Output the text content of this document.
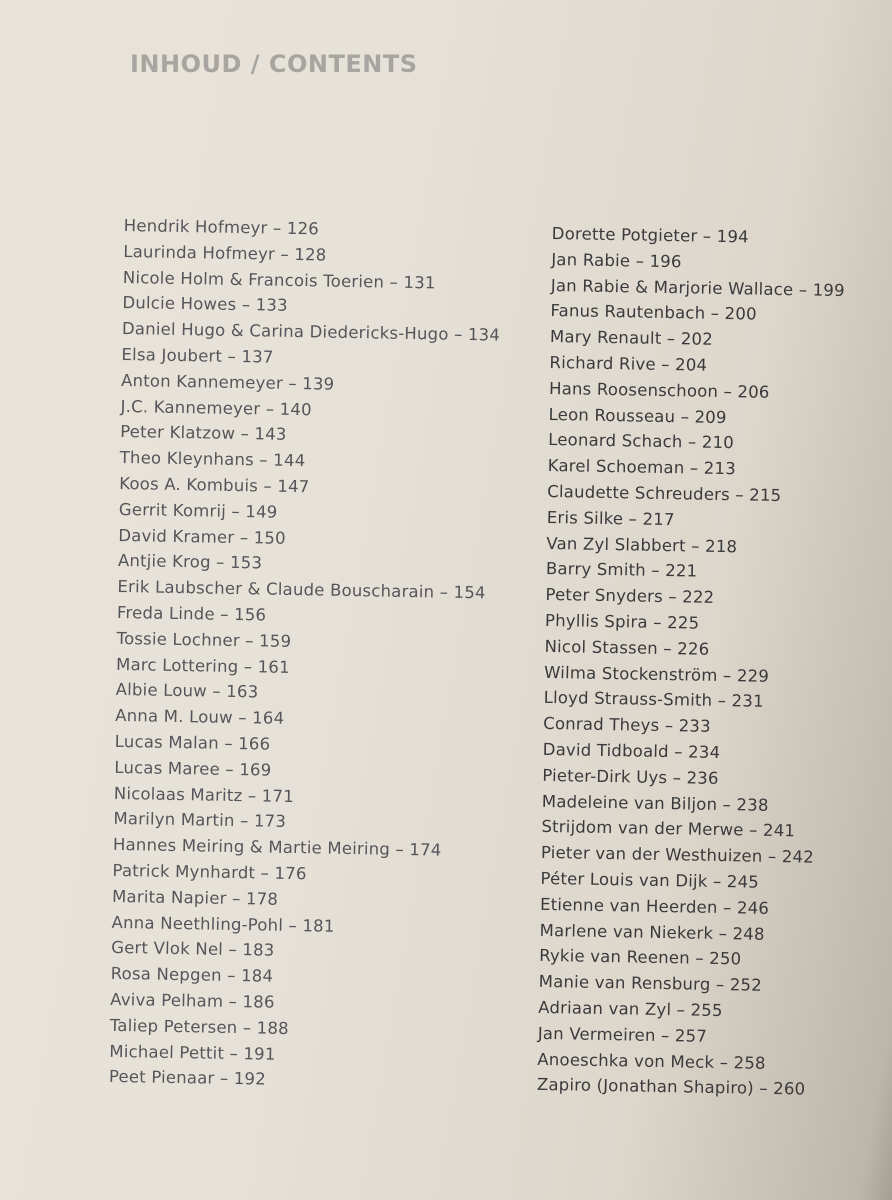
INHOUD / CONTENTS
Hendrik Hofmeyr – 126
Laurinda Hofmeyr – 128
Nicole Holm & Francois Toerien – 131
Dulcie Howes – 133
Daniel Hugo & Carina Diedericks-Hugo – 134
Elsa Joubert – 137
Anton Kannemeyer – 139
J.C. Kannemeyer – 140
Peter Klatzow – 143
Theo Kleynhans – 144
Koos A. Kombuis – 147
Gerrit Komrij – 149
David Kramer – 150
Antjie Krog – 153
Erik Laubscher & Claude Bouscharain – 154
Freda Linde – 156
Tossie Lochner – 159
Marc Lottering – 161
Albie Louw – 163
Anna M. Louw – 164
Lucas Malan – 166
Lucas Maree – 169
Nicolaas Maritz – 171
Marilyn Martin – 173
Hannes Meiring & Martie Meiring – 174
Patrick Mynhardt – 176
Marita Napier – 178
Anna Neethling-Pohl – 181
Gert Vlok Nel – 183
Rosa Nepgen – 184
Aviva Pelham – 186
Taliep Petersen – 188
Michael Pettit – 191
Peet Pienaar – 192
Dorette Potgieter – 194
Jan Rabie – 196
Jan Rabie & Marjorie Wallace – 199
Fanus Rautenbach – 200
Mary Renault – 202
Richard Rive – 204
Hans Roosenschoon – 206
Leon Rousseau – 209
Leonard Schach – 210
Karel Schoeman – 213
Claudette Schreuders – 215
Eris Silke – 217
Van Zyl Slabbert – 218
Barry Smith – 221
Peter Snyders – 222
Phyllis Spira – 225
Nicol Stassen – 226
Wilma Stockenström – 229
Lloyd Strauss-Smith – 231
Conrad Theys – 233
David Tidboald – 234
Pieter-Dirk Uys – 236
Madeleine van Biljon – 238
Strijdom van der Merwe – 241
Pieter van der Westhuizen – 242
Péter Louis van Dijk – 245
Etienne van Heerden – 246
Marlene van Niekerk – 248
Rykie van Reenen – 250
Manie van Rensburg – 252
Adriaan van Zyl – 255
Jan Vermeiren – 257
Anoeschka von Meck – 258
Zapiro (Jonathan Shapiro) – 260
